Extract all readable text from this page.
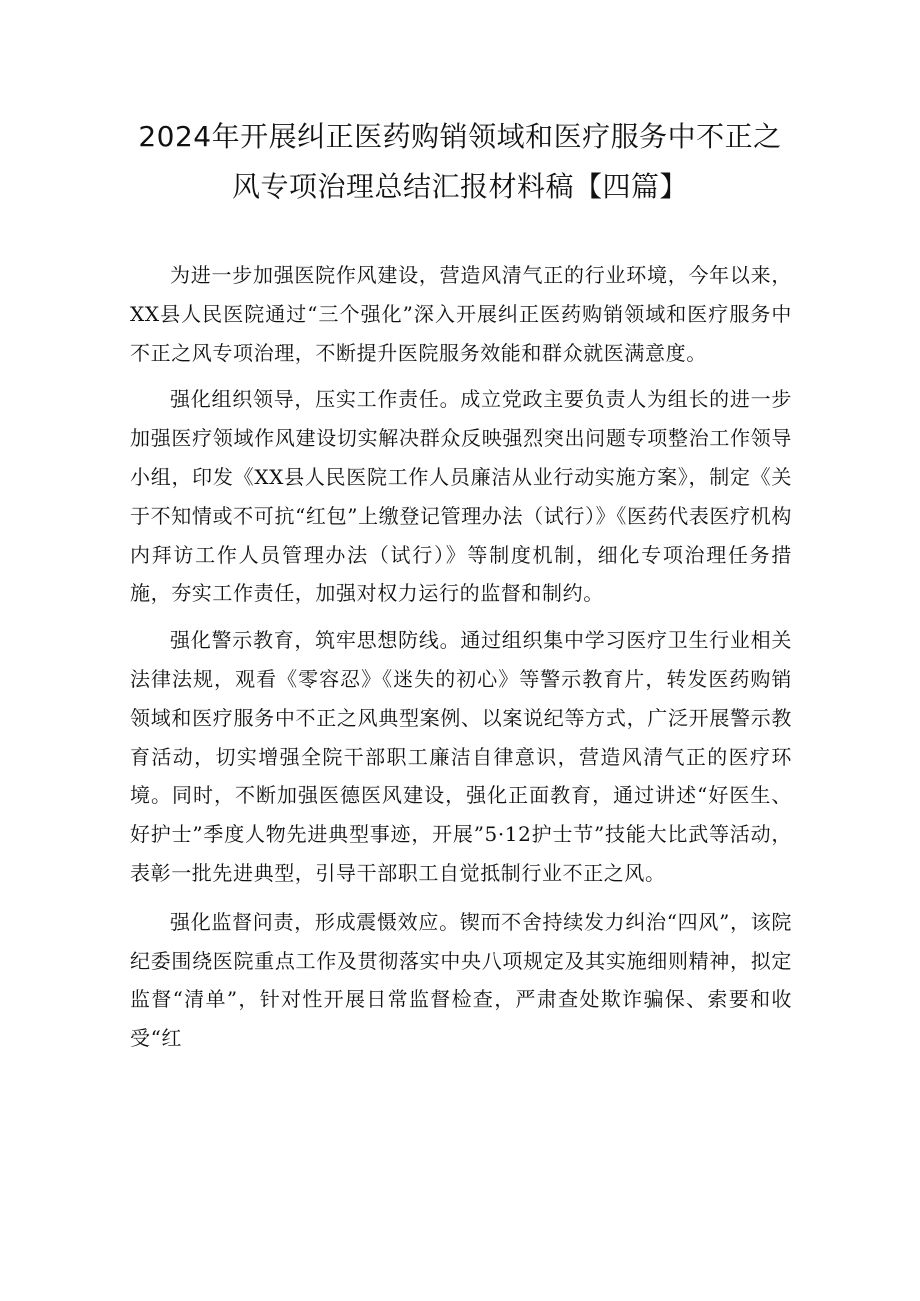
2024年开展纠正医药购销领域和医疗服务中不正之
风专项治理总结汇报材料稿【四篇】

为进一步加强医院作风建设，营造风清气正的行业环境，今年以来，XX县人民医院通过“三个强化”深入开展纠正医药购销领域和医疗服务中不正之风专项治理，不断提升医院服务效能和群众就医满意度。

强化组织领导，压实工作责任。成立党政主要负责人为组长的进一步加强医疗领域作风建设切实解决群众反映强烈突出问题专项整治工作领导小组，印发《XX县人民医院工作人员廉洁从业行动实施方案》，制定《关于不知情或不可抗“红包”上缴登记管理办法（试行）》《医药代表医疗机构内拜访工作人员管理办法（试行）》等制度机制，细化专项治理任务措施，夯实工作责任，加强对权力运行的监督和制约。

强化警示教育，筑牢思想防线。通过组织集中学习医疗卫生行业相关法律法规，观看《零容忍》《迷失的初心》等警示教育片，转发医药购销领域和医疗服务中不正之风典型案例、以案说纪等方式，广泛开展警示教育活动，切实增强全院干部职工廉洁自律意识，营造风清气正的医疗环境。同时，不断加强医德医风建设，强化正面教育，通过讲述“好医生、好护士”季度人物先进典型事迹，开展”5·12护士节”技能大比武等活动，表彰一批先进典型，引导干部职工自觉抵制行业不正之风。

强化监督问责，形成震慑效应。锲而不舍持续发力纠治“四风”，该院纪委围绕医院重点工作及贯彻落实中央八项规定及其实施细则精神，拟定监督“清单”，针对性开展日常监督检查，严肃查处欺诈骗保、索要和收受“红
